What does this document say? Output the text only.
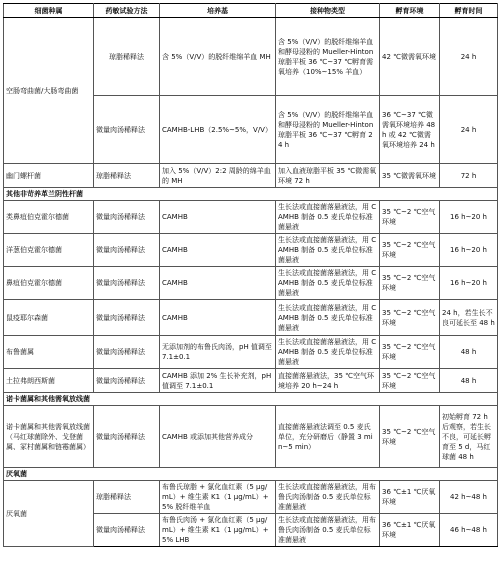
细菌种属	药敏试验方法	培养基	接种物类型	孵育环境	孵育时间
空肠弯曲菌/大肠弯曲菌	琼脂稀释法	含 5%（V/V）的脱纤维绵羊血 MH	含 5%（V/V）的脱纤维绵羊血和酵母浸粉的 Mueller-Hinton 琼脂平板 36 ℃~37 ℃孵育需氧培养（10%~15% 羊血）	42 ℃微需氧环境	24 h
	微量肉汤稀释法	CAMHB-LHB（2.5%~5%，V/V）	含 5%（V/V）的脱纤维绵羊血和酵母浸粉的 Mueller-Hinton 琼脂平板 36 ℃~37 ℃孵育 24 h	36 ℃~37 ℃微需氧环境培养 48 h 或 42 ℃微需氧环境培养 24 h	24 h
幽门螺杆菌	琼脂稀释法	加入 5%（V/V）2:2 周龄的绵羊血的 MH	加入血液琼脂平板 35 ℃微需氧环境 72 h	35 ℃微需氧环境	72 h
其他非苛养革兰阴性杆菌					
类鼻疽伯克霍尔德菌	微量肉汤稀释法	CAMHB	生长法或直接菌落悬液法，用 CAMHB 制备 0.5 麦氏单位标准菌悬液	35 ℃~2 ℃空气环境	16 h~20 h
洋葱伯克霍尔德菌	微量肉汤稀释法	CAMHB	生长法或直接菌落悬液法，用 CAMHB 制备 0.5 麦氏单位标准菌悬液	35 ℃~2 ℃空气环境	16 h~20 h
鼻疽伯克霍尔德菌	微量肉汤稀释法	CAMHB	生长法或直接菌落悬液法，用 CAMHB 制备 0.5 麦氏单位标准菌悬液	35 ℃~2 ℃空气环境	16 h~20 h
鼠疫耶尔森菌	微量肉汤稀释法	CAMHB	生长法或直接菌落悬液法，用 CAMHB 制备 0.5 麦氏单位标准菌悬液	35 ℃~2 ℃空气环境	24 h，若生长不良可延长至 48 h
布鲁菌属	微量肉汤稀释法	无添加剂的布鲁氏肉汤，pH 值调至 7.1±0.1	生长法或直接菌落悬液法，用 CAMHB 制备 0.5 麦氏单位标准菌悬液	35 ℃~2 ℃空气环境	48 h
土拉弗朗西斯菌	微量肉汤稀释法	CAMHB 添加 2% 生长补充剂，pH 值调至 7.1±0.1	直接菌落悬液法，35 ℃空气环境培养 20 h~24 h	35 ℃~2 ℃空气环境	48 h
诺卡菌属和其他需氧放线菌					
诺卡菌属和其他需氧放线菌（马红球菌除外、戈登菌属、冢村菌属和链霉菌属）	微量肉汤稀释法	CAMHB 或添加其他营养成分	直接菌落悬液法调至 0.5 麦氏单位，充分研磨后（静置 3 min~5 min）	35 ℃~2 ℃空气环境	初始孵育 72 h 后观察，若生长不良，可延长孵育至 5 d，马红球菌 48 h
厌氧菌					
厌氧菌	琼脂稀释法	布鲁氏琼脂 + 氯化血红素（5 μg/mL）+ 维生素 K1（1 μg/mL）+ 5% 脱纤维羊血	生长法或直接菌落悬液法，用布鲁氏肉汤制备 0.5 麦氏单位标准菌悬液	36 ℃±1 ℃厌氧环境	42 h~48 h
	微量肉汤稀释法	布鲁氏肉汤 + 氯化血红素（5 μg/mL）+ 维生素 K1（1 μg/mL）+ 5% LHB	生长法或直接菌落悬液法，用布鲁氏肉汤制备 0.5 麦氏单位标准菌悬液	36 ℃±1 ℃厌氧环境	46 h~48 h
